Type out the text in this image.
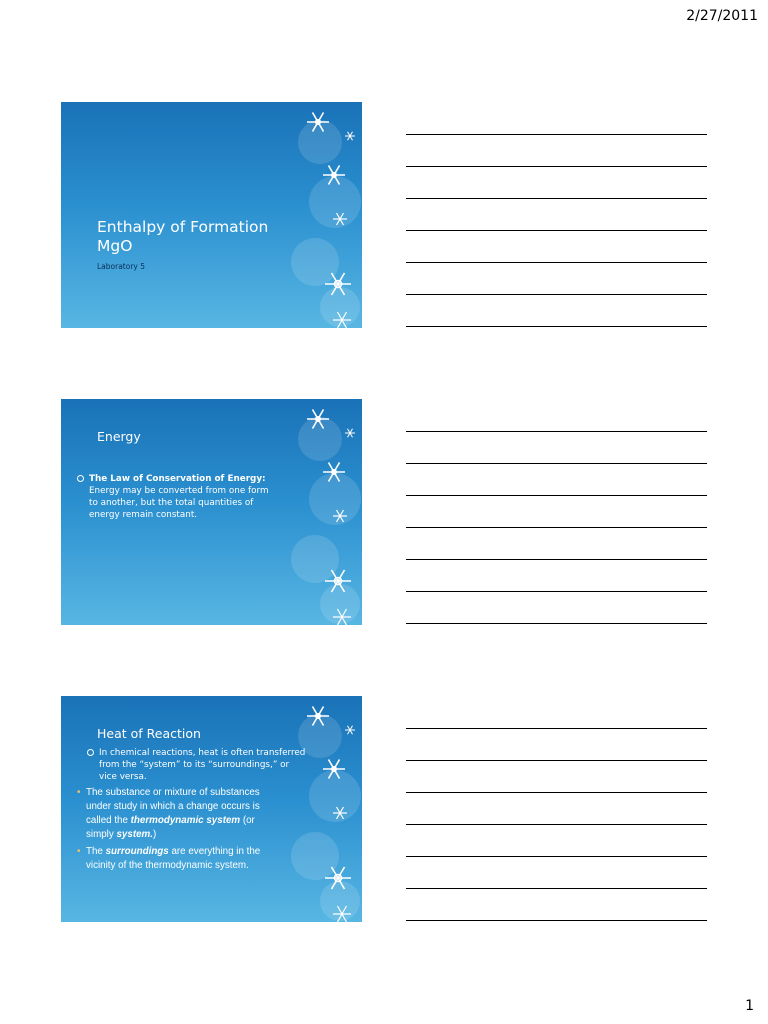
2/27/2011
Enthalpy of Formation
MgO
Laboratory 5
Energy
The Law of Conservation of Energy:
Energy may be converted from one form
to another, but the total quantities of
energy remain constant.
Heat of Reaction
In chemical reactions, heat is often transferred
from the “system” to its “surroundings,” or
vice versa.
• The substance or mixture of substances
under study in which a change occurs is
called the thermodynamic system (or
simply system.)
• The surroundings are everything in the
vicinity of the thermodynamic system.
1
